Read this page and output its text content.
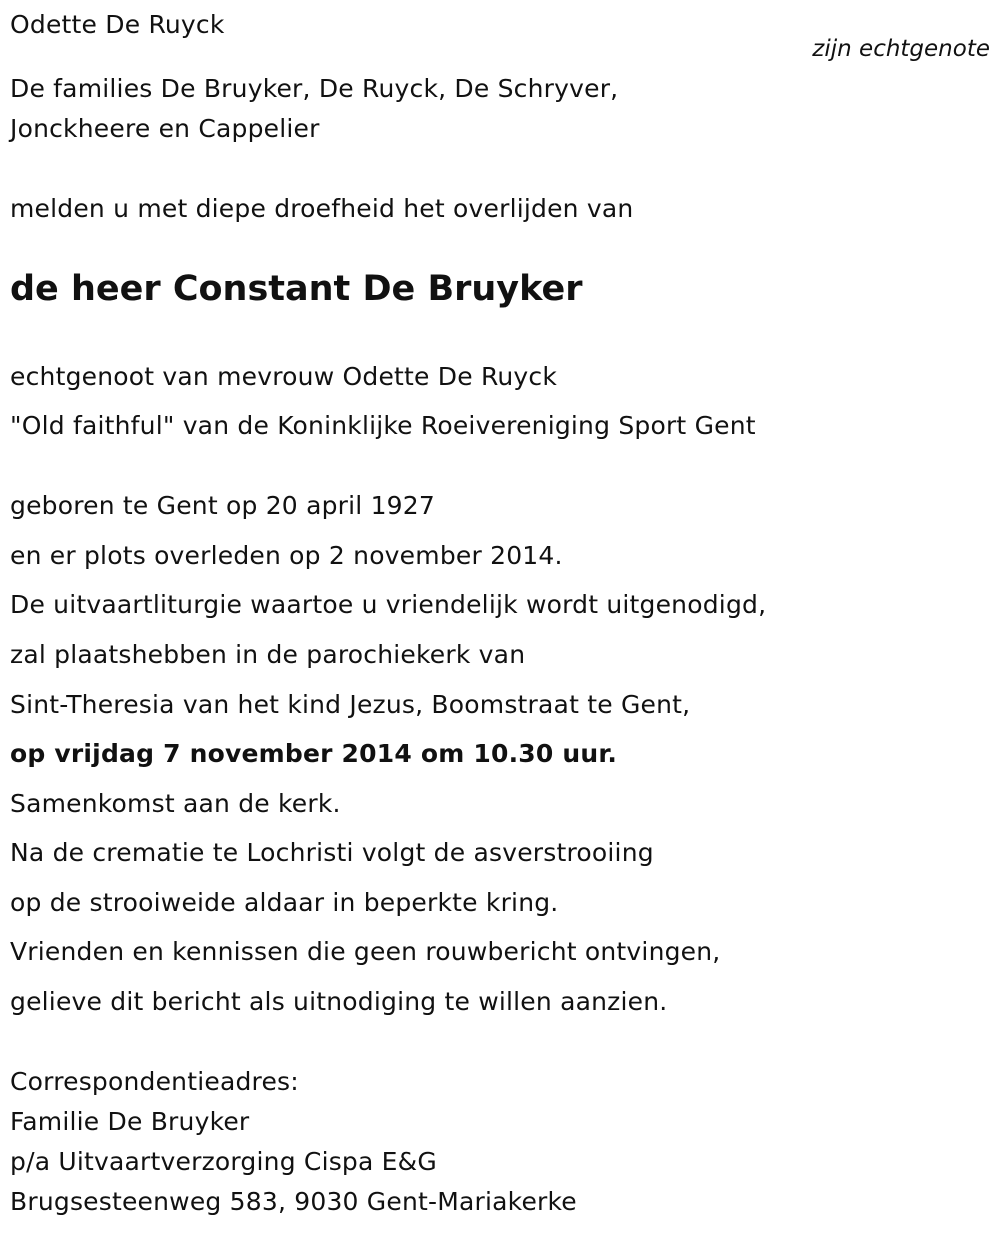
Odette De Ruyck
zijn echtgenote
De families De Bruyker, De Ruyck, De Schryver,
Jonckheere en Cappelier
melden u met diepe droefheid het overlijden van
de heer Constant De Bruyker
echtgenoot van mevrouw Odette De Ruyck
"Old faithful" van de Koninklijke Roeivereniging Sport Gent
geboren te Gent op 20 april 1927
en er plots overleden op 2 november 2014.
De uitvaartliturgie waartoe u vriendelijk wordt uitgenodigd,
zal plaatshebben in de parochiekerk van
Sint-Theresia van het kind Jezus, Boomstraat te Gent,
op vrijdag 7 november 2014 om 10.30 uur.
Samenkomst aan de kerk.
Na de crematie te Lochristi volgt de asverstrooiing
op de strooiweide aldaar in beperkte kring.
Vrienden en kennissen die geen rouwbericht ontvingen,
gelieve dit bericht als uitnodiging te willen aanzien.
Correspondentieadres:
Familie De Bruyker
p/a Uitvaartverzorging Cispa E&G
Brugsesteenweg 583, 9030 Gent-Mariakerke
